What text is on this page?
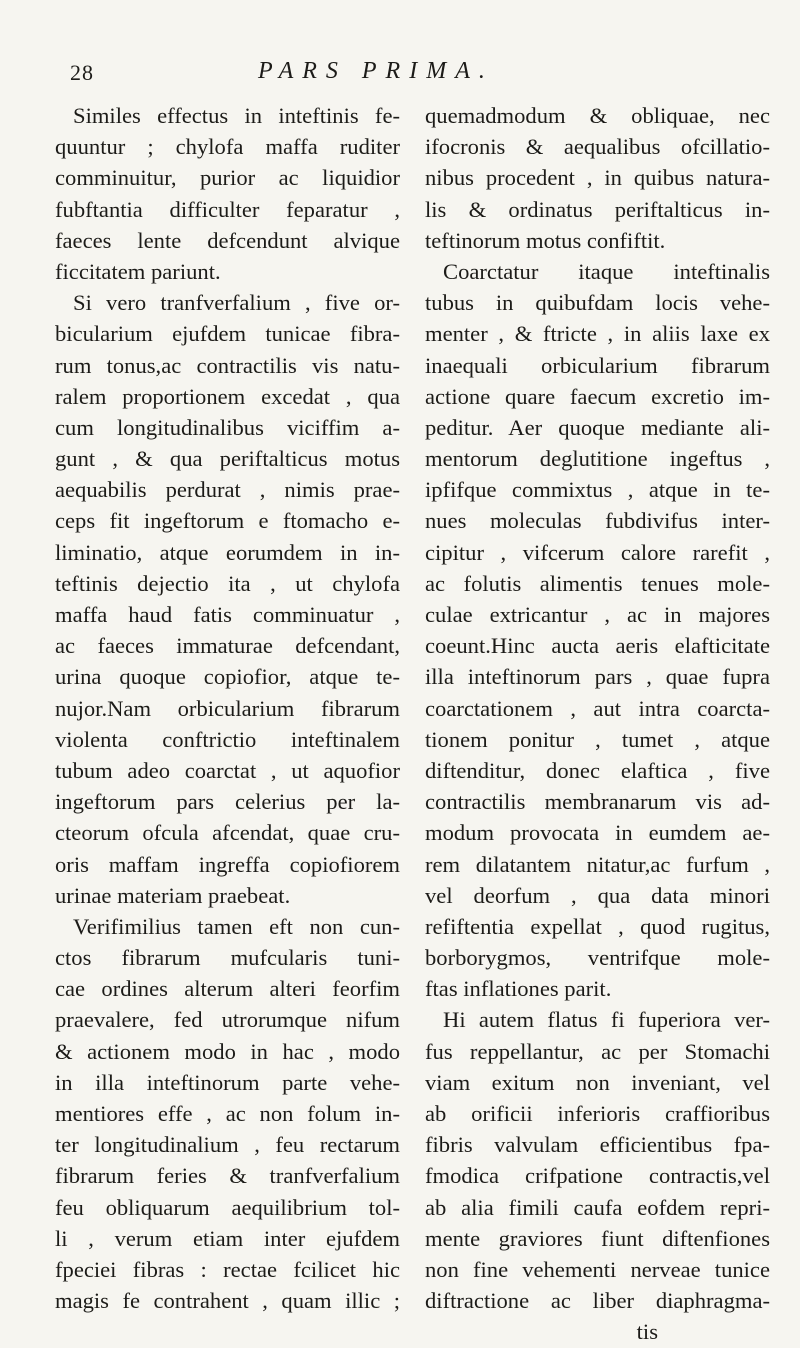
28	PARS PRIMA.
Similes effectus in inteftinis fe-
quuntur ; chylofa maffa ruditer
comminuitur, purior ac liquidior
fubftantia difficulter feparatur ,
faeces lente defcendunt alvique
ficcitatem pariunt.
Si vero tranfverfalium , five or-
bicularium ejufdem tunicae fibra-
rum tonus,ac contractilis vis natu-
ralem proportionem excedat , qua
cum longitudinalibus viciffim a-
gunt , & qua periftalticus motus
aequabilis perdurat , nimis prae-
ceps fit ingeftorum e ftomacho e-
liminatio, atque eorumdem in in-
teftinis dejectio ita , ut chylofa
maffa haud fatis comminuatur ,
ac faeces immaturae defcendant,
urina quoque copiofior, atque te-
nujor.Nam orbicularium fibrarum
violenta conftrictio inteftinalem
tubum adeo coarctat , ut aquofior
ingeftorum pars celerius per la-
cteorum ofcula afcendat, quae cru-
oris maffam ingreffa copiofiorem
urinae materiam praebeat.
Verifimilius tamen eft non cun-
ctos fibrarum mufcularis tuni-
cae ordines alterum alteri feorfim
praevalere, fed utrorumque nifum
& actionem modo in hac , modo
in illa inteftinorum parte vehe-
mentiores effe , ac non folum in-
ter longitudinalium , feu rectarum
fibrarum feries & tranfverfalium
feu obliquarum aequilibrium tol-
li , verum etiam inter ejufdem
fpeciei fibras : rectae fcilicet hic
magis fe contrahent , quam illic ;
quemadmodum & obliquae, nec
ifocronis & aequalibus ofcillatio-
nibus procedent , in quibus natura-
lis & ordinatus periftalticus in-
teftinorum motus confiftit.
Coarctatur itaque inteftinalis
tubus in quibufdam locis vehe-
menter , & ftricte , in aliis laxe ex
inaequali orbicularium fibrarum
actione quare faecum excretio im-
peditur. Aer quoque mediante ali-
mentorum deglutitione ingeftus ,
ipfifque commixtus , atque in te-
nues moleculas fubdivifus inter-
cipitur , vifcerum calore rarefit ,
ac folutis alimentis tenues mole-
culae extricantur , ac in majores
coeunt.Hinc aucta aeris elafticitate
illa inteftinorum pars , quae fupra
coarctationem , aut intra coarcta-
tionem ponitur , tumet , atque
diftenditur, donec elaftica , five
contractilis membranarum vis ad-
modum provocata in eumdem ae-
rem dilatantem nitatur,ac furfum ,
vel deorfum , qua data minori
refiftentia expellat , quod rugitus,
borborygmos, ventrifque mole-
ftas inflationes parit.
Hi autem flatus fi fuperiora ver-
fus reppellantur, ac per Stomachi
viam exitum non inveniant, vel
ab orificii inferioris craffioribus
fibris valvulam efficientibus fpa-
fmodica crifpatione contractis,vel
ab alia fimili caufa eofdem repri-
mente graviores fiunt diftenfiones
non fine vehementi nerveae tunice
diftractione ac liber diaphragma-
tis
